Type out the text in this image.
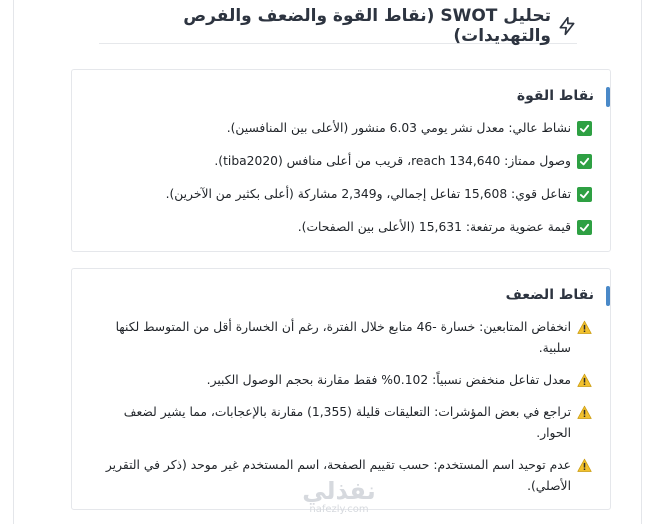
تحليل SWOT (نقاط القوة والضعف والفرص والتهديدات)
نقاط القوة
نشاط عالي: معدل نشر يومي 6.03 منشور (الأعلى بين المنافسين).
وصول ممتاز: reach 134,640، قريب من أعلى منافس (tiba2020).
تفاعل قوي: 15,608 تفاعل إجمالي، و2,349 مشاركة (أعلى بكثير من الآخرين).
قيمة عضوية مرتفعة: 15,631 (الأعلى بين الصفحات).
نقاط الضعف
انخفاض المتابعين: خسارة -46 متابع خلال الفترة، رغم أن الخسارة أقل من المتوسط لكنها سلبية.
معدل تفاعل منخفض نسبياً: 0.102% فقط مقارنة بحجم الوصول الكبير.
تراجع في بعض المؤشرات: التعليقات قليلة (1,355) مقارنة بالإعجابات، مما يشير لضعف الحوار.
عدم توحيد اسم المستخدم: حسب تقييم الصفحة، اسم المستخدم غير موحد (ذكر في التقرير الأصلي).
نفذلي
nafezly.com
